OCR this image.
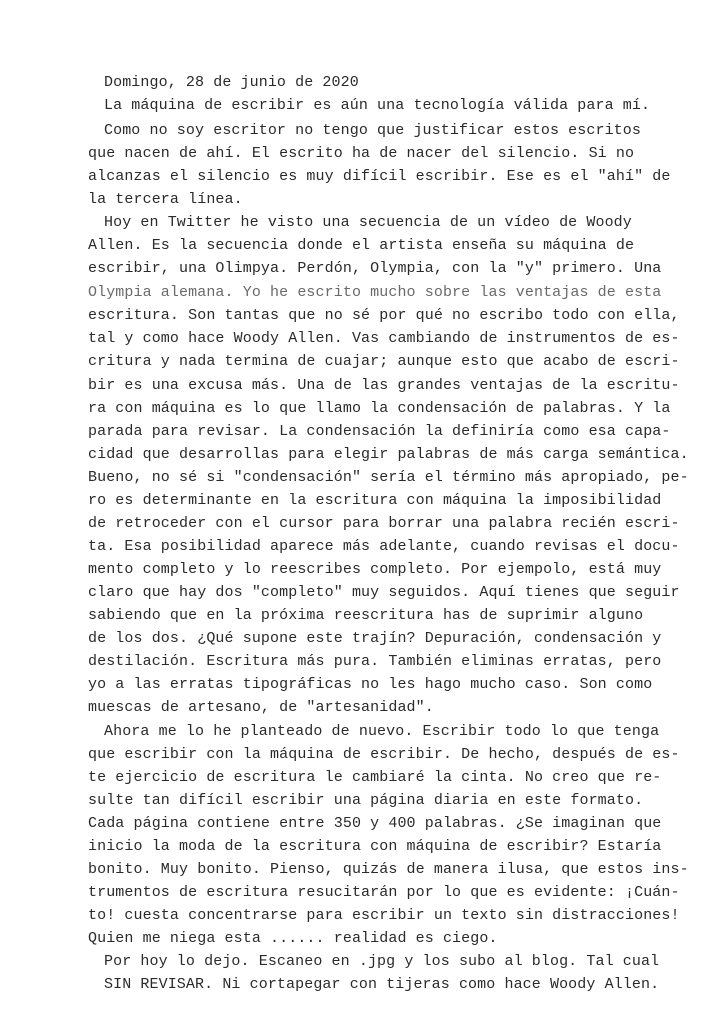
Domingo, 28 de junio de 2020
La máquina de escribir es aún una tecnología válida para mí.
Como no soy escritor no tengo que justificar estos escritos
que nacen de ahí. El escrito ha de nacer del silencio. Si no
alcanzas el silencio es muy difícil escribir. Ese es el "ahí" de
la tercera línea.
Hoy en Twitter he visto una secuencia de un vídeo de Woody
Allen. Es la secuencia donde el artista enseña su máquina de
escribir, una Olimpya. Perdón, Olympia, con la "y" primero. Una
Olympia alemana. Yo he escrito mucho sobre las ventajas de esta
escritura. Son tantas que no sé por qué no escribo todo con ella,
tal y como hace Woody Allen. Vas cambiando de instrumentos de es-
critura y nada termina de cuajar; aunque esto que acabo de escri-
bir es una excusa más. Una de las grandes ventajas de la escritu-
ra con máquina es lo que llamo la condensación de palabras. Y la
parada para revisar. La condensación la definiría como esa capa-
cidad que desarrollas para elegir palabras de más carga semántica.
Bueno, no sé si "condensación" sería el término más apropiado, pe-
ro es determinante en la escritura con máquina la imposibilidad
de retroceder con el cursor para borrar una palabra recién escri-
ta. Esa posibilidad aparece más adelante, cuando revisas el docu-
mento completo y lo reescribes completo. Por ejempolo, está muy
claro que hay dos "completo" muy seguidos. Aquí tienes que seguir
sabiendo que en la próxima reescritura has de suprimir alguno
de los dos. ¿Qué supone este trajín? Depuración, condensación y
destilación. Escritura más pura. También eliminas erratas, pero
yo a las erratas tipográficas no les hago mucho caso. Son como
muescas de artesano, de "artesanidad".
Ahora me lo he planteado de nuevo. Escribir todo lo que tenga
que escribir con la máquina de escribir. De hecho, después de es-
te ejercicio de escritura le cambiaré la cinta. No creo que re-
sulte tan difícil escribir una página diaria en este formato.
Cada página contiene entre 350 y 400 palabras. ¿Se imaginan que
inicio la moda de la escritura con máquina de escribir? Estaría
bonito. Muy bonito. Pienso, quizás de manera ilusa, que estos ins-
trumentos de escritura resucitarán por lo que es evidente: ¡Cuán-
to! cuesta concentrarse para escribir un texto sin distracciones!
Quien me niega esta ...... realidad es ciego.
Por hoy lo dejo. Escaneo en .jpg y los subo al blog. Tal cual
SIN REVISAR. Ni cortapegar con tijeras como hace Woody Allen.
